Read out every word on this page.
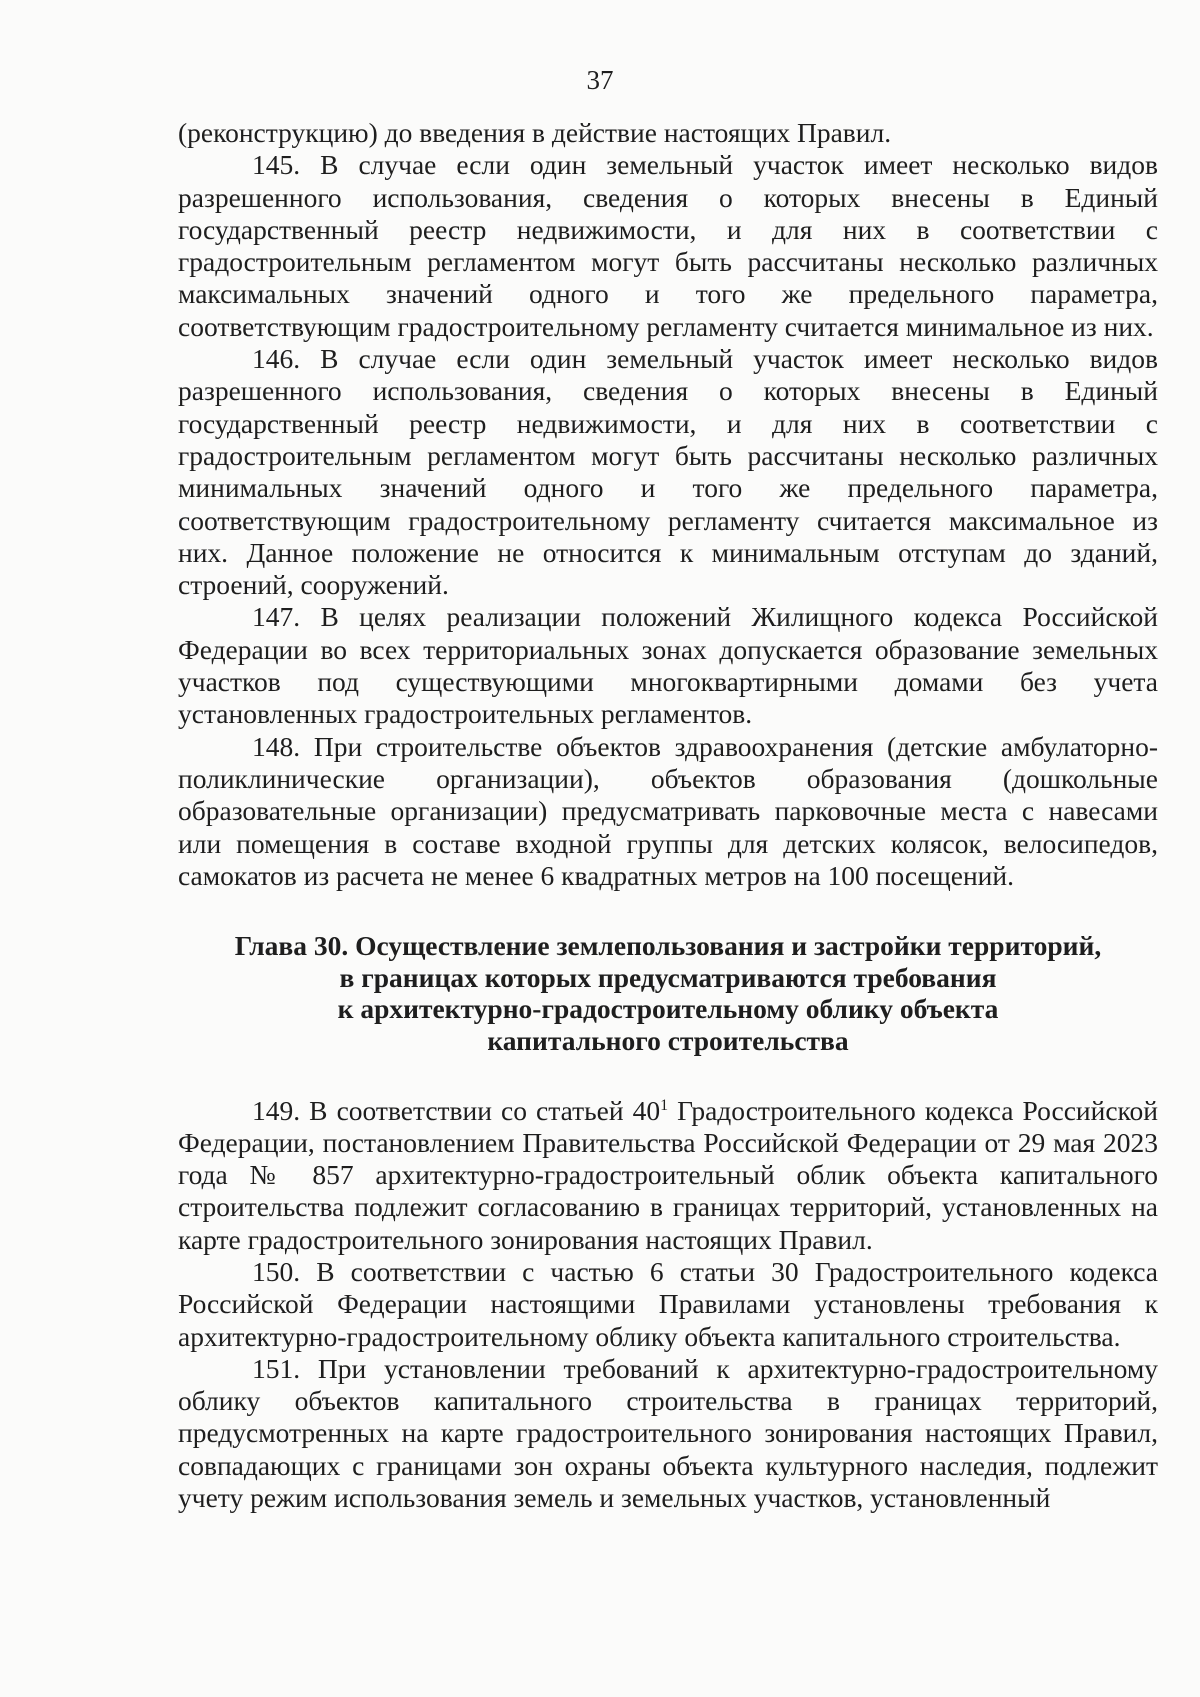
37

(реконструкцию) до введения в действие настоящих Правил.

145. В случае если один земельный участок имеет несколько видов разрешенного использования, сведения о которых внесены в Единый государственный реестр недвижимости, и для них в соответствии с градостроительным регламентом могут быть рассчитаны несколько различных максимальных значений одного и того же предельного параметра, соответствующим градостроительному регламенту считается минимальное из них.

146. В случае если один земельный участок имеет несколько видов разрешенного использования, сведения о которых внесены в Единый государственный реестр недвижимости, и для них в соответствии с градостроительным регламентом могут быть рассчитаны несколько различных минимальных значений одного и того же предельного параметра, соответствующим градостроительному регламенту считается максимальное из них. Данное положение не относится к минимальным отступам до зданий, строений, сооружений.

147. В целях реализации положений Жилищного кодекса Российской Федерации во всех территориальных зонах допускается образование земельных участков под существующими многоквартирными домами без учета установленных градостроительных регламентов.

148. При строительстве объектов здравоохранения (детские амбулаторно-поликлинические организации), объектов образования (дошкольные образовательные организации) предусматривать парковочные места с навесами или помещения в составе входной группы для детских колясок, велосипедов, самокатов из расчета не менее 6 квадратных метров на 100 посещений.

Глава 30. Осуществление землепользования и застройки территорий,
в границах которых предусматриваются требования
к архитектурно-градостроительному облику объекта
капитального строительства

149. В соответствии со статьей $40^1$ Градостроительного кодекса Российской Федерации, постановлением Правительства Российской Федерации от 29 мая 2023 года № 857 архитектурно-градостроительный облик объекта капитального строительства подлежит согласованию в границах территорий, установленных на карте градостроительного зонирования настоящих Правил.

150. В соответствии с частью 6 статьи 30 Градостроительного кодекса Российской Федерации настоящими Правилами установлены требования к архитектурно-градостроительному облику объекта капитального строительства.

151. При установлении требований к архитектурно-градостроительному облику объектов капитального строительства в границах территорий, предусмотренных на карте градостроительного зонирования настоящих Правил, совпадающих с границами зон охраны объекта культурного наследия, подлежит учету режим использования земель и земельных участков, установленный
